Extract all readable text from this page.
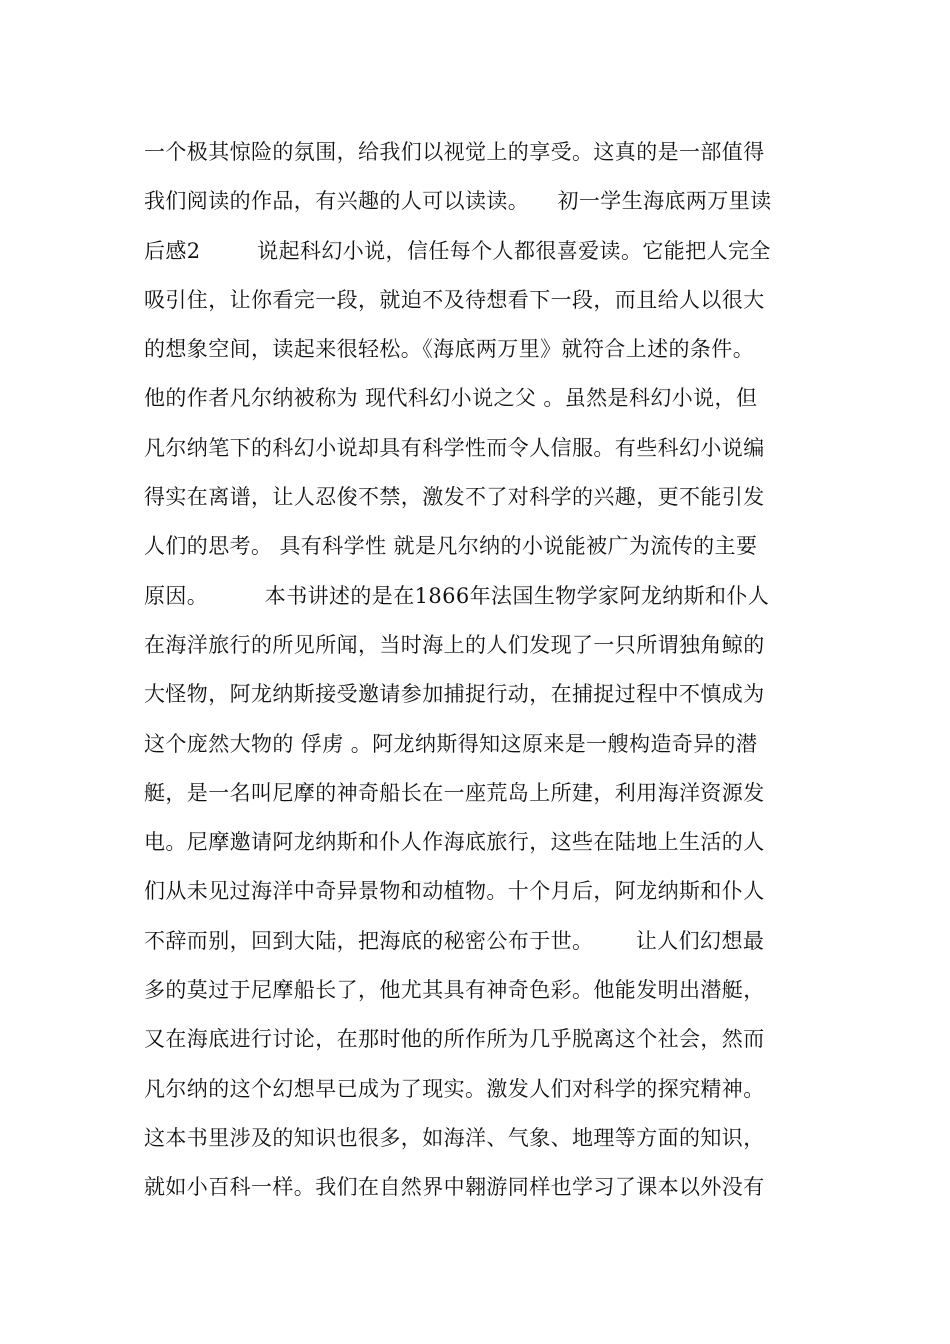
一个极其惊险的氛围，给我们以视觉上的享受。这真的是一部值得
我们阅读的作品，有兴趣的人可以读读。    初一学生海底两万里读
后感2        说起科幻小说，信任每个人都很喜爱读。它能把人完全
吸引住，让你看完一段，就迫不及待想看下一段，而且给人以很大
的想象空间，读起来很轻松。《海底两万里》就符合上述的条件。
他的作者凡尔纳被称为 现代科幻小说之父 。虽然是科幻小说，但
凡尔纳笔下的科幻小说却具有科学性而令人信服。有些科幻小说编
得实在离谱，让人忍俊不禁，激发不了对科学的兴趣，更不能引发
人们的思考。 具有科学性 就是凡尔纳的小说能被广为流传的主要
原因。        本书讲述的是在1866年法国生物学家阿龙纳斯和仆人
在海洋旅行的所见所闻，当时海上的人们发现了一只所谓独角鲸的
大怪物，阿龙纳斯接受邀请参加捕捉行动，在捕捉过程中不慎成为
这个庞然大物的 俘虏 。阿龙纳斯得知这原来是一艘构造奇异的潜
艇，是一名叫尼摩的神奇船长在一座荒岛上所建，利用海洋资源发
电。尼摩邀请阿龙纳斯和仆人作海底旅行，这些在陆地上生活的人
们从未见过海洋中奇异景物和动植物。十个月后，阿龙纳斯和仆人
不辞而别，回到大陆，把海底的秘密公布于世。      让人们幻想最
多的莫过于尼摩船长了，他尤其具有神奇色彩。他能发明出潜艇，
又在海底进行讨论，在那时他的所作所为几乎脱离这个社会，然而
凡尔纳的这个幻想早已成为了现实。激发人们对科学的探究精神。
这本书里涉及的知识也很多，如海洋、气象、地理等方面的知识，
就如小百科一样。我们在自然界中翱游同样也学习了课本以外没有
